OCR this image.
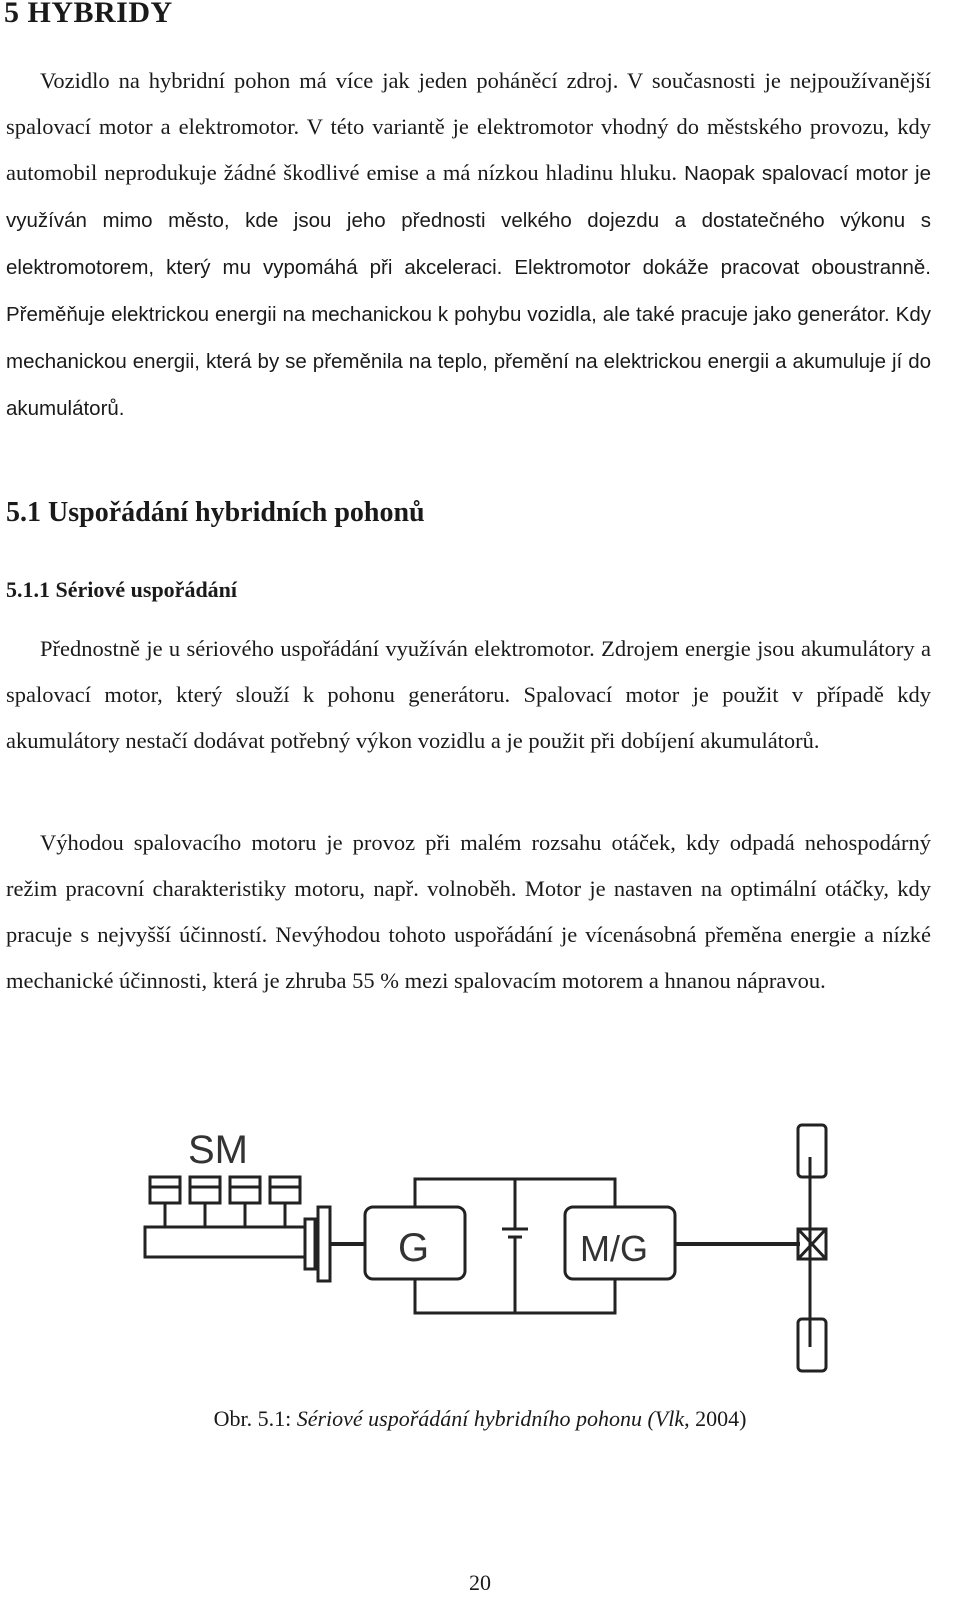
5 HYBRIDY

Vozidlo na hybridní pohon má více jak jeden poháněcí zdroj. V současnosti je nejpoužívanější spalovací motor a elektromotor. V této variantě je elektromotor vhodný do městského provozu, kdy automobil neprodukuje žádné škodlivé emise a má nízkou hladinu hluku. Naopak spalovací motor je využíván mimo město, kde jsou jeho přednosti velkého dojezdu a dostatečného výkonu s elektromotorem, který mu vypomáhá při akceleraci. Elektromotor dokáže pracovat oboustranně. Přeměňuje elektrickou energii na mechanickou k pohybu vozidla, ale také pracuje jako generátor. Kdy mechanickou energii, která by se přeměnila na teplo, přemění na elektrickou energii a akumuluje jí do akumulátorů.

5.1 Uspořádání hybridních pohonů
5.1.1 Sériové uspořádání

Přednostně je u sériového uspořádání využíván elektromotor. Zdrojem energie jsou akumulátory a spalovací motor, který slouží k pohonu generátoru. Spalovací motor je použit v případě kdy akumulátory nestačí dodávat potřebný výkon vozidlu a je použit při dobíjení akumulátorů.

Výhodou spalovacího motoru je provoz při malém rozsahu otáček, kdy odpadá nehospodárný režim pracovní charakteristiky motoru, např. volnoběh. Motor je nastaven na optimální otáčky, kdy pracuje s nejvyšší účinností. Nevýhodou tohoto uspořádání je vícenásobná přeměna energie a nízké mechanické účinnosti, která je zhruba 55 % mezi spalovacím motorem a hnanou nápravou.

SM
G	M/G
Obr. 5.1: Sériové uspořádání hybridního pohonu (Vlk, 2004)
20
